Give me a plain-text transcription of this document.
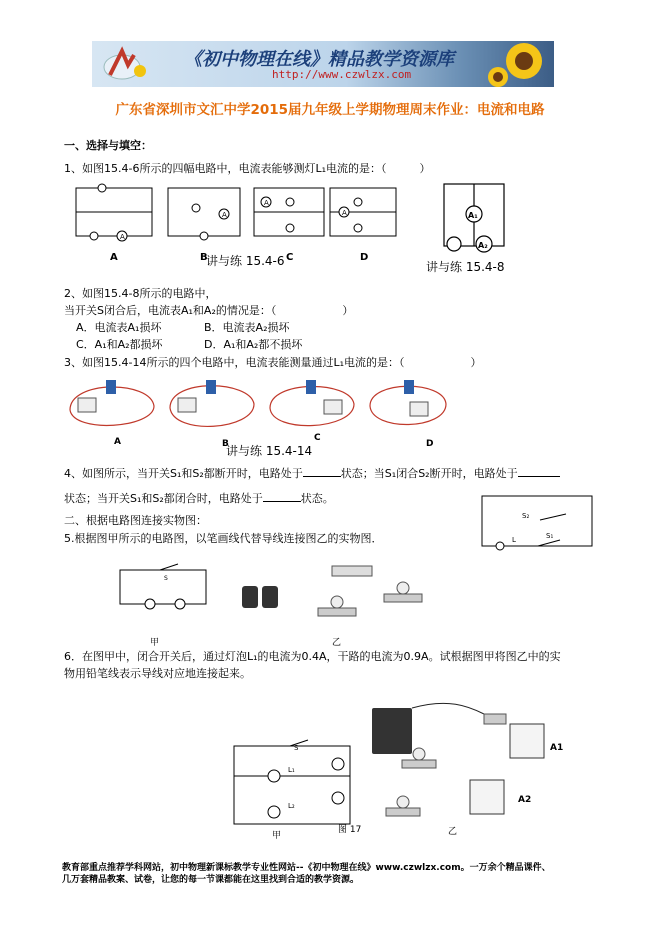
《初中物理在线》精品教学资源库
http://www.czwlzx.com
广东省深圳市文汇中学2015届九年级上学期物理周末作业：电流和电路
一、选择与填空：
1、如图15.4-6所示的四幅电路中，电流表能够测灯L₁电流的是：（　　　）
A
A
A
A
A	B	C	D
讲与练 15.4-6
A₁
A₂
讲与练 15.4-8
2、如图15.4-8所示的电路中，
当开关S闭合后，电流表A₁和A₂的情况是：（　　　　　　）
A．电流表A₁损坏	B．电流表A₂损坏
C．A₁和A₂都损坏	D．A₁和A₂都不损坏
3、如图15.4-14所示的四个电路中，电流表能测量通过L₁电流的是：（　　　　　　）
A	B
C
D
讲与练 15.4-14
4、如图所示，当开关S₁和S₂都断开时，电路处于	状态；当S₁闭合S₂断开时，电路处于
状态；当开关S₁和S₂都闭合时，电路处于	状态。
S₂
L	S₁
二、根据电路图连接实物图：
5.根据图甲所示的电路图，以笔画线代替导线连接图乙的实物图．
S
甲	乙
6．在图甲中，闭合开关后，通过灯泡L₁的电流为0.4A，干路的电流为0.9A。试根据图甲将图乙中的实
物用铅笔线表示导线对应地连接起来。
S
L₁
L₂
甲
图 17
A1
A2
乙
教育部重点推荐学科网站，初中物理新课标教学专业性网站--《初中物理在线》www.czwlzx.com。一万余个精品课件、
几万套精品教案、试卷，让您的每一节课都能在这里找到合适的教学资源。
